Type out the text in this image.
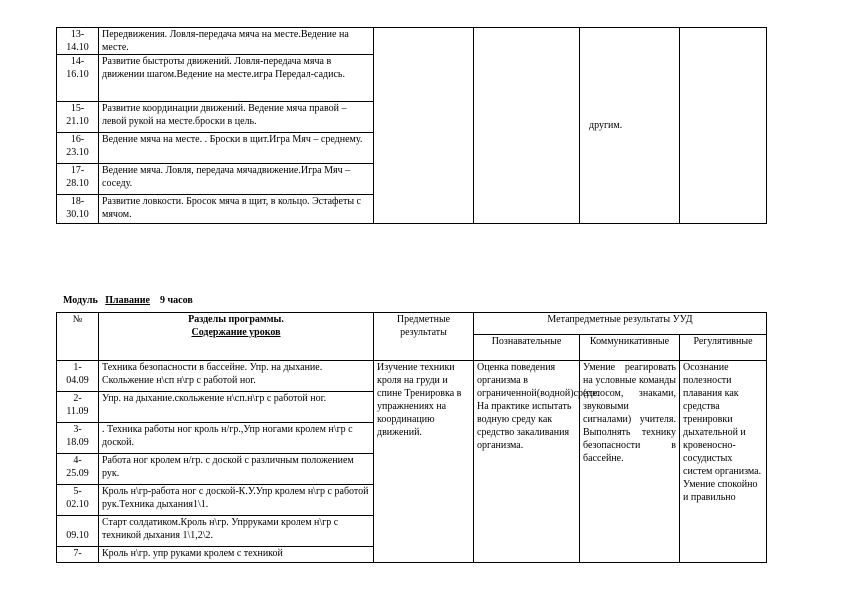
13-
14.10	Передвижения. Ловля-передача мяча на месте.Ведение на месте.			другим.	
14-
16.10	Развитие быстроты движений. Ловля-передача мяча в движении шагом.Ведение на месте.игра Передал-садись.				
15-
21.10	Развитие координации движений. Ведение мяча правой – левой рукой на месте.броски в цель.				
16-
23.10	Ведение мяча на месте. . Броски в щит.Игра Мяч – среднему.				
17-
28.10	Ведение мяча. Ловля, передача мячадвижение.Игра Мяч –соседу.				
18-
30.10	Развитие ловкости. Бросок мяча в щит, в кольцо. Эстафеты с мячом.				

Модуль Плавание 9 часов

№	Разделы программы.
Содержание уроков	Предметные результаты	Метапредметные результаты УУД		
			Познавательные	Коммуникативные	Регулятивные
1-
04.09	Техника безопасности в бассейне. Упр. на дыхание. Скольжение н\сп н\гр с работой ног.	Изучение техники кроля на груди и спине Тренировка в упражнениях на координацию движений.	Оценка поведения организма в ограниченной(водной)среде. На практике испытать водную среду как средство закаливания организма.	Умение реагировать на условные команды (голосом, знаками, звуковыми сигналами) учителя. Выполнять технику безопасности в бассейне.	Осознание полезности плавания как средства тренировки дыхательной и кровеносно-сосудистых систем организма. Умение спокойно и правильно

2-
11.09	Упр. на дыхание.скольжение н\сп.н\гр с работой ног.				
3-
18.09	. Техника работы ног кроль н/гр.,Упр ногами кролем н\гр с доской.				
4-
25.09	Работа ног кролем н/гр. с доской с различным положением рук.				
5-
02.10	Кроль н\гр-работа ног с доской-К.У.Упр кролем н\гр с работой рук.Техника дыхания1\1.				

09.10	Старт солдатиком.Кроль н\гр. Упрруками кролем н\гр с техникой дыхания 1\1,2\2.				
7-	Кроль н\гр. упр руками кролем с техникой				
